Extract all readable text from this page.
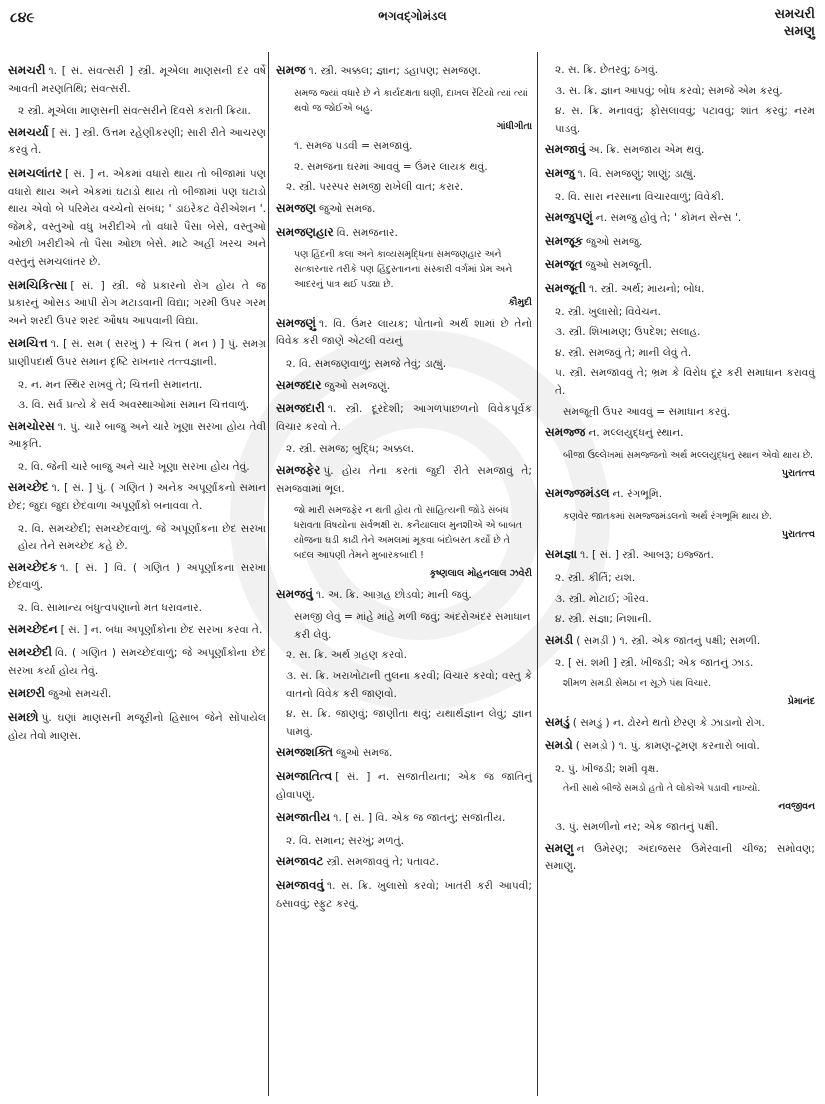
૮૪૯	ભગવદ્ગોમંડલ	સમચરી
સમણુ
સમચરી ૧. [ સં. સંવત્સરી ] સ્ત્રી. મૂએલા માણસની દર વર્ષે આવતી મરણતિથિ; સંવત્સરી.
૨ સ્ત્રી. મૂએલા માણસની સંવત્સરીને દિવસે કરાતી ક્રિયા.
સમચર્યા [ સં. ] સ્ત્રી. ઉત્તમ રહેણીકરણી; સારી રીતે આચરણ કરવું તે.
સમચલાંતર [ સં. ] ન. એકમાં વધારો થાય તો બીજામાં પણ વધારો થાય અને એકમાં ઘટાડો થાય તો બીજામાં પણ ઘટાડો થાય એવો બે પરિમેય વચ્ચેનો સંબંધ; ' ડાઇરેકટ વેરીએશન '. જેમકે, વસ્તુઓ વધુ ખરીદીએ તો વધારે પૈસા બેસે, વસ્તુઓ ઓછી ખરીદીએ તો પૈસા ઓછા બેસે. માટે અહીં ખરચ અને વસ્તુનું સમચલાંતર છે.
સમચિકિત્સા [ સં. ] સ્ત્રી. જે પ્રકારનો રોગ હોય તે જ પ્રકારનું ઓસડ આપી રોગ મટાડવાની વિદ્યા; ગરમી ઉપર ગરમ અને શરદી ઉપર શરદ ઔષધ આપવાની વિદ્યા.
સમચિત્ત ૧. [ સં. સમ ( સરખું ) + ચિત્ત ( મન ) ] પું. સમગ્ર પ્રાણીપદાર્થ ઉપર સમાન દૃષ્ટિ રાખનાર તત્ત્વજ્ઞાની.
૨. ન. મન સ્થિર રાખવું તે; ચિત્તની સમાનતા.
૩. વિ. સર્વ પ્રત્યે કે સર્વ અવસ્થાઓમાં સમાન ચિત્તવાળું.
સમચોરસ ૧. પું. ચારે બાજુ અને ચારે ખૂણા સરખા હોય તેવી આકૃતિ.
૨. વિ. જેની ચારે બાજુ અને ચારે ખૂણા સરખા હોય તેવું.
સમચ્છેદ ૧. [ સં. ] પું. ( ગણિત ) અનેક અપૂર્ણાંકનો સમાન છેદ; જુદા જુદા છેદવાળા અપૂર્ણાંકો બનાવવા તે.
૨. વિ. સમચ્છેદી; સમચ્છેદવાળું. જે અપૂર્ણાંકના છેદ સરખા હોય તેને સમચ્છેદ કહે છે.
સમચ્છેદક ૧. [ સં. ] વિ. ( ગણિત ) અપૂર્ણાંકના સરખા છેદવાળું.
૨. વિ. સામાન્ય બંધુત્વપણાનો મત ધરાવનાર.
સમચ્છેદન [ સં. ] ન. બધા અપૂર્ણાંકોના છેદ સરખા કરવા તે.
સમચ્છેદી વિ. ( ગણિત ) સમચ્છેદવાળું; જે અપૂર્ણાંકોના છેદ સરખા કર્યા હોય તેવું.
સમછરી જુઓ સમચરી.
સમછો પું. ઘણાં માણસની મજૂરીનો હિસાબ જેને સોંપાયેલ હોય તેવો માણસ.
સમજ ૧. સ્ત્રી. અક્કલ; જ્ઞાન; ડહાપણ; સમજણ.
સમજ જ્યાં વધારે છે ને કાર્યદક્ષતા ઘણી, દાખલ રેંટિયો ત્યાં ત્યાં થવો જ જોઈએ બહુ.
ગાંધીગીતા
૧. સમજ પડવી = સમજાવું.
૨. સમજના ઘરમાં આવવું = ઉંમર લાયક થવું.
૨. સ્ત્રી. પરસ્પર સમજી રાખેલી વાત; કરાર.
સમજણ જુઓ સમજ.
સમજણહાર વિ. સમજનાર.
પણ હિંદની કલા અને કાવ્યસમૃદ્ધિના સમજણહાર અને સત્કારનાર તરીકે પણ હિંદુસ્તાનના સંસ્કારી વર્ગમાં પ્રેમ અને આદરનું પાત્ર થઈ પડ્યા છે.
કૌમુદી
સમજણું ૧. વિ. ઉંમર લાયક; પોતાનો અર્થ શામાં છે તેનો વિવેક કરી જાણે એટલી વયનું
૨. વિ. સમજણવાળું; સમજે તેવું; ડાહ્યું.
સમજદાર જુઓ સમજણું.
સમજદારી ૧. સ્ત્રી. દૂરંદેશી; આગળપાછળનો વિવેકપૂર્વક વિચાર કરવો તે.
૨. સ્ત્રી. સમજ; બુદ્ધિ; અક્કલ.
સમજફેર પું. હોય તેના કરતાં જુદી રીતે સમજાવું તે; સમજવામાં ભૂલ.
જો મારી સમજફેર ન થતી હોય તો સાહિત્યની જોડે સંબંધ ધરાવતા વિષયોના સર્વભક્ષી રા. કનૈયાલાલ મુનશીએ એ બાબત યોજના ઘડી કાઢી તેને અમલમાં મૂકવા બંદોબસ્ત કર્યો છે તે બદલ આપણી તેમને મુબારકબાદી !
કૃષ્ણલાલ મોહનલાલ ઝવેરી
સમજવું ૧. અ. ક્રિ. આગ્રહ છોડવો; માની જવું.
સમજી લેવું = માંહે માંહે મળી જવું; અંદરોઅંદર સમાધાન કરી લેવું.
૨. સ. ક્રિ. અર્થ ગ્રહણ કરવો.
૩. સ. ક્રિ. ખરાખોટાની તુલના કરવી; વિચાર કરવો; વસ્તુ કે વાતનો વિવેક કરી જાણવો.
૪. સ. ક્રિ. જાણવું; જાણીતા થવું; યથાર્થજ્ઞાન લેવું; જ્ઞાન પામવું.
સમજશક્તિ જુઓ સમજ.
સમજાતિત્વ [ સં. ] ન. સજાતીયતા; એક જ જાતિનું હોવાપણું.
સમજાતીય ૧. [ સં. ] વિ. એક જ જાતનું; સજાતીય.
૨. વિ. સમાન; સરખું; મળતું.
સમજાવટ સ્ત્રી. સમજાવવું તે; પતાવટ.
સમજાવવું ૧. સ. ક્રિ. ખુલાસો કરવો; ખાતરી કરી આપવી; ઠસાવવું; સ્ફુટ કરવું.
૨. સ. ક્રિ. છેતરવું; ઠગવું.
૩. સ. ક્રિ. જ્ઞાન આપવું; બોધ કરવો; સમજે એમ કરવું.
૪. સ. ક્રિ. મનાવવું; ફોસલાવવું; પટાવવું; શાંત કરવું; નરમ પાડવું.
સમજાવું અ. ક્રિ. સમજાય એમ થવું.
સમજુ ૧. વિ. સમજણું; શાણું; ડાહ્યું.
૨. વિ. સારા નરસાના વિચારવાળું; વિવેકી.
સમજુપણું ન. સમજુ હોવું તે; ' કોમન સેન્સ '.
સમજૂક જુઓ સમજુ.
સમજૂત જુઓ સમજૂતી.
સમજૂતી ૧. સ્ત્રી. અર્થ; માયનો; બોધ.
૨. સ્ત્રી. ખુલાસો; વિવેચન.
૩. સ્ત્રી. શિખામણ; ઉપદેશ; સલાહ.
૪. સ્ત્રી. સમજવું તે; માની લેવું તે.
૫. સ્ત્રી. સમજાવવું તે; ભ્રમ કે વિરોધ દૂર કરી સમાધાન કરાવવું તે.
સમજૂતી ઉપર આવવું = સમાધાન કરવું.
સમજ્જ ન. મલ્લયુદ્ધનું સ્થાન.
બીજા ઉલ્લેખમાં સમજ્જનો અર્થ મલ્લયુદ્ધનું સ્થાન એવો થાય છે.
પુરાતત્ત્વ
સમજ્જમંડલ ન. રંગભૂમિ.
કણવેર જાતકમાં સમજ્જમંડલનો અર્થ રંગભૂમિ થાય છે.
પુરાતત્ત્વ
સમજ્ઞા ૧. [ સં. ] સ્ત્રી. આબરૂ; ઇજ્જત.
૨. સ્ત્રી. કીર્તિ; યશ.
૩. સ્ત્રી. મોટાઈ; ગૌરવ.
૪. સ્ત્રી. સંજ્ઞા; નિશાની.
સમડી ( સમડ઼ી ) ૧. સ્ત્રી. એક જાતનું પક્ષી; સમળી.
૨. [ સં. શમી ] સ્ત્રી. ખીજડી; એક જાતનું ઝાડ.
શીમળ સમડી સેમઠા ન સૂઝે પંથ વિચાર.
પ્રેમાનંદ
સમડું ( સમડ઼ું ) ન. ઢોરને થતો છેરણ કે ઝાડાનો રોગ.
સમડો ( સમડ઼ો ) ૧. પું. કામણ-ટૂમણ કરનારો બાવો.
૨. પું. ખીજડી; શમી વૃક્ષ.
તેની સાથે બીજે સમડો હતો તે લોકોએ પડાવી નાખ્યો.
નવજીવન
૩. પું. સમળીનો નર; એક જાતનું પક્ષી.
સમણુ ન ઉમેરણ; અંદાજસર ઉમેરવાની ચીજ; સમોવણ; સમાણુ.
